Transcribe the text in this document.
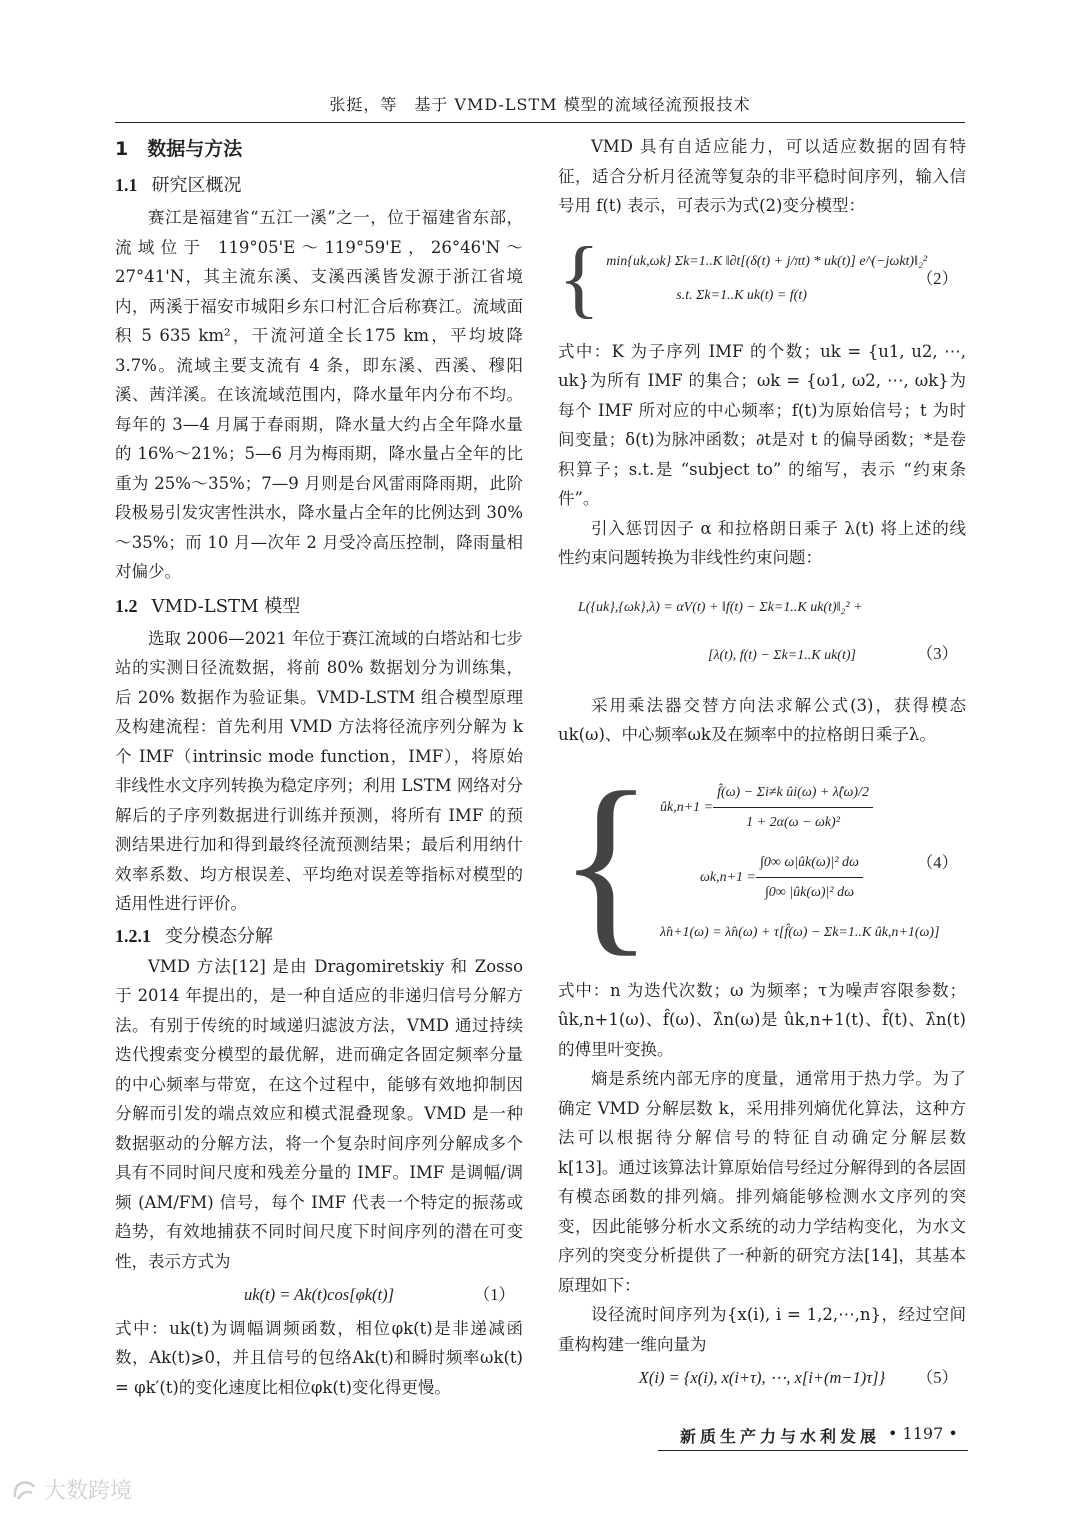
张挺，等　基于 VMD-LSTM 模型的流域径流预报技术
1　数据与方法
1.1 研究区概况

赛江是福建省“五江一溪”之一，位于福建省东部，流域位于 119°05'E～119°59'E，26°46'N～27°41'N，其主流东溪、支溪西溪皆发源于浙江省境内，两溪于福安市城阳乡东口村汇合后称赛江。流域面积 5 635 km²，干流河道全长175 km，平均坡降 3.7%。流域主要支流有 4 条，即东溪、西溪、穆阳溪、茜洋溪。在该流域范围内，降水量年内分布不均。每年的 3—4 月属于春雨期，降水量大约占全年降水量的 16%～21%；5—6 月为梅雨期，降水量占全年的比重为 25%～35%；7—9 月则是台风雷雨降雨期，此阶段极易引发灾害性洪水，降水量占全年的比例达到 30%～35%；而 10 月—次年 2 月受冷高压控制，降雨量相对偏少。

1.2 VMD-LSTM 模型

选取 2006—2021 年位于赛江流域的白塔站和七步站的实测日径流数据，将前 80% 数据划分为训练集，后 20% 数据作为验证集。VMD-LSTM 组合模型原理及构建流程：首先利用 VMD 方法将径流序列分解为 k 个 IMF（intrinsic mode function，IMF），将原始非线性水文序列转换为稳定序列；利用 LSTM 网络对分解后的子序列数据进行训练并预测，将所有 IMF 的预测结果进行加和得到最终径流预测结果；最后利用纳什效率系数、均方根误差、平均绝对误差等指标对模型的适用性进行评价。

1.2.1 变分模态分解

VMD 方法[12] 是由 Dragomiretskiy 和 Zosso 于 2014 年提出的，是一种自适应的非递归信号分解方法。有别于传统的时域递归滤波方法，VMD 通过持续迭代搜索变分模型的最优解，进而确定各固定频率分量的中心频率与带宽，在这个过程中，能够有效地抑制因分解而引发的端点效应和模式混叠现象。VMD 是一种数据驱动的分解方法，将一个复杂时间序列分解成多个具有不同时间尺度和残差分量的 IMF。IMF 是调幅/调频 (AM/FM) 信号，每个 IMF 代表一个特定的振荡或趋势，有效地捕获不同时间尺度下时间序列的潜在可变性，表示方式为

uk(t) = Ak(t)cos[φk(t)]	（1）

式中：uk(t)为调幅调频函数，相位φk(t)是非递减函数，Ak(t)⩾0，并且信号的包络Ak(t)和瞬时频率ωk(t) = φk′(t)的变化速度比相位φk(t)变化得更慢。

VMD 具有自适应能力，可以适应数据的固有特征，适合分析月径流等复杂的非平稳时间序列，输入信号用 f(t) 表示，可表示为式(2)变分模型：

{ min{uk,ωk} Σk=1..K ‖∂t[(δ(t) + j/πt) * uk(t)] e^(−jωkt)‖₂²
s.t. Σk=1..K uk(t) = f(t)
（2）

式中：K 为子序列 IMF 的个数；uk = {u1, u2, ⋯, uk}为所有 IMF 的集合；ωk = {ω1, ω2, ⋯, ωk}为每个 IMF 所对应的中心频率；f(t)为原始信号；t 为时间变量；δ(t)为脉冲函数；∂t是对 t 的偏导函数；*是卷积算子；s.t.是 “subject to” 的缩写，表示 “约束条件”。

引入惩罚因子 α 和拉格朗日乘子 λ(t) 将上述的线性约束问题转换为非线性约束问题：

L({uk},{ωk},λ) = αV(t) + ‖f(t) − Σk=1..K uk(t)‖₂² +
[λ(t), f(t) − Σk=1..K uk(t)]	（3）

采用乘法器交替方向法求解公式(3)，获得模态 uk(ω)、中心频率ωk及在频率中的拉格朗日乘子λ。

{ ûk,n+1 = $\frac{\text{f̂(ω) − Σi≠k ûi(ω) + λ̂(ω)/2}}{\text{1 + 2α(ω − ωk)²}}$
$\omega k,n+1 = \frac{\text{∫0∞ ω|ûk(ω)|² dω}}{\text{∫0∞ |ûk(ω)|² dω}}$
λ̂n+1(ω) = λ̂n(ω) + τ[f̂(ω) − Σk=1..K ûk,n+1(ω)]
（4）

式中：n 为迭代次数；ω 为频率；τ为噪声容限参数；ûk,n+1(ω)、f̂(ω)、λ̂n(ω)是 ûk,n+1(t)、f̂(t)、λ̂n(t)的傅里叶变换。

熵是系统内部无序的度量，通常用于热力学。为了确定 VMD 分解层数 k，采用排列熵优化算法，这种方法可以根据待分解信号的特征自动确定分解层数 k[13]。通过该算法计算原始信号经过分解得到的各层固有模态函数的排列熵。排列熵能够检测水文序列的突变，因此能够分析水文系统的动力学结构变化，为水文序列的突变分析提供了一种新的研究方法[14]，其基本原理如下：

设径流时间序列为{x(i), i = 1,2,⋯,n}，经过空间重构构建一维向量为

X(i) = {x(i), x(i+τ), ⋯, x[i+(m−1)τ]} （5）
新质生产力与水利发展 • 1197 •
大数跨境
